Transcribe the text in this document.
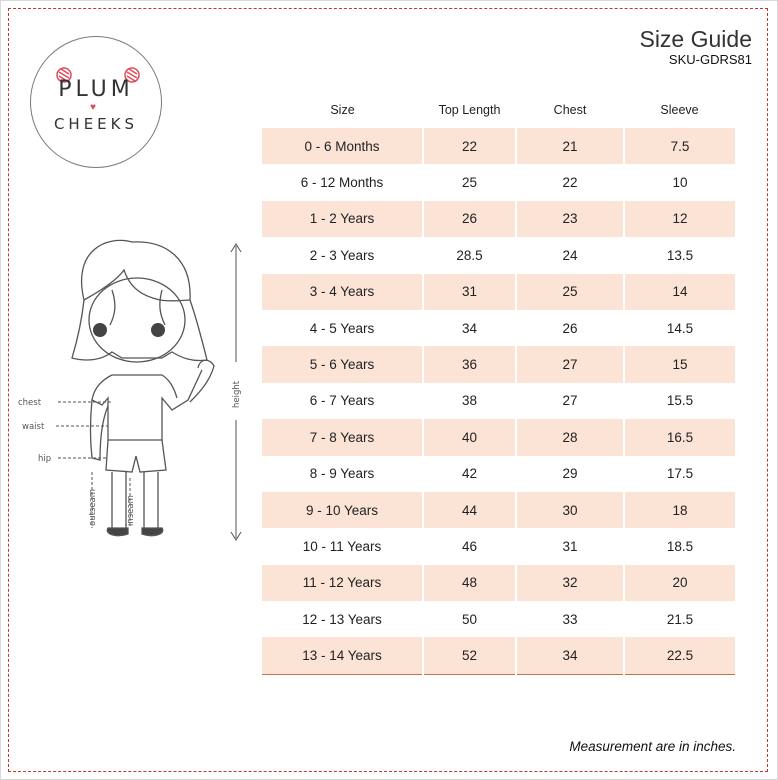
PLUM
♥
CHEEKS
Size Guide
SKU-GDRS81
chest
waist
hip
outseam	inseam
height
Size	Top Length	Chest	Sleeve
0 - 6 Months	22	21	7.5
6 - 12 Months	25	22	10
1 - 2 Years	26	23	12
2 - 3 Years	28.5	24	13.5
3 - 4 Years	31	25	14
4 - 5 Years	34	26	14.5
5 - 6 Years	36	27	15
6 - 7 Years	38	27	15.5
7 - 8 Years	40	28	16.5
8 - 9 Years	42	29	17.5
9 - 10 Years	44	30	18
10 - 11 Years	46	31	18.5
11 - 12 Years	48	32	20
12 - 13 Years	50	33	21.5
13 - 14 Years	52	34	22.5
Measurement are in inches.
